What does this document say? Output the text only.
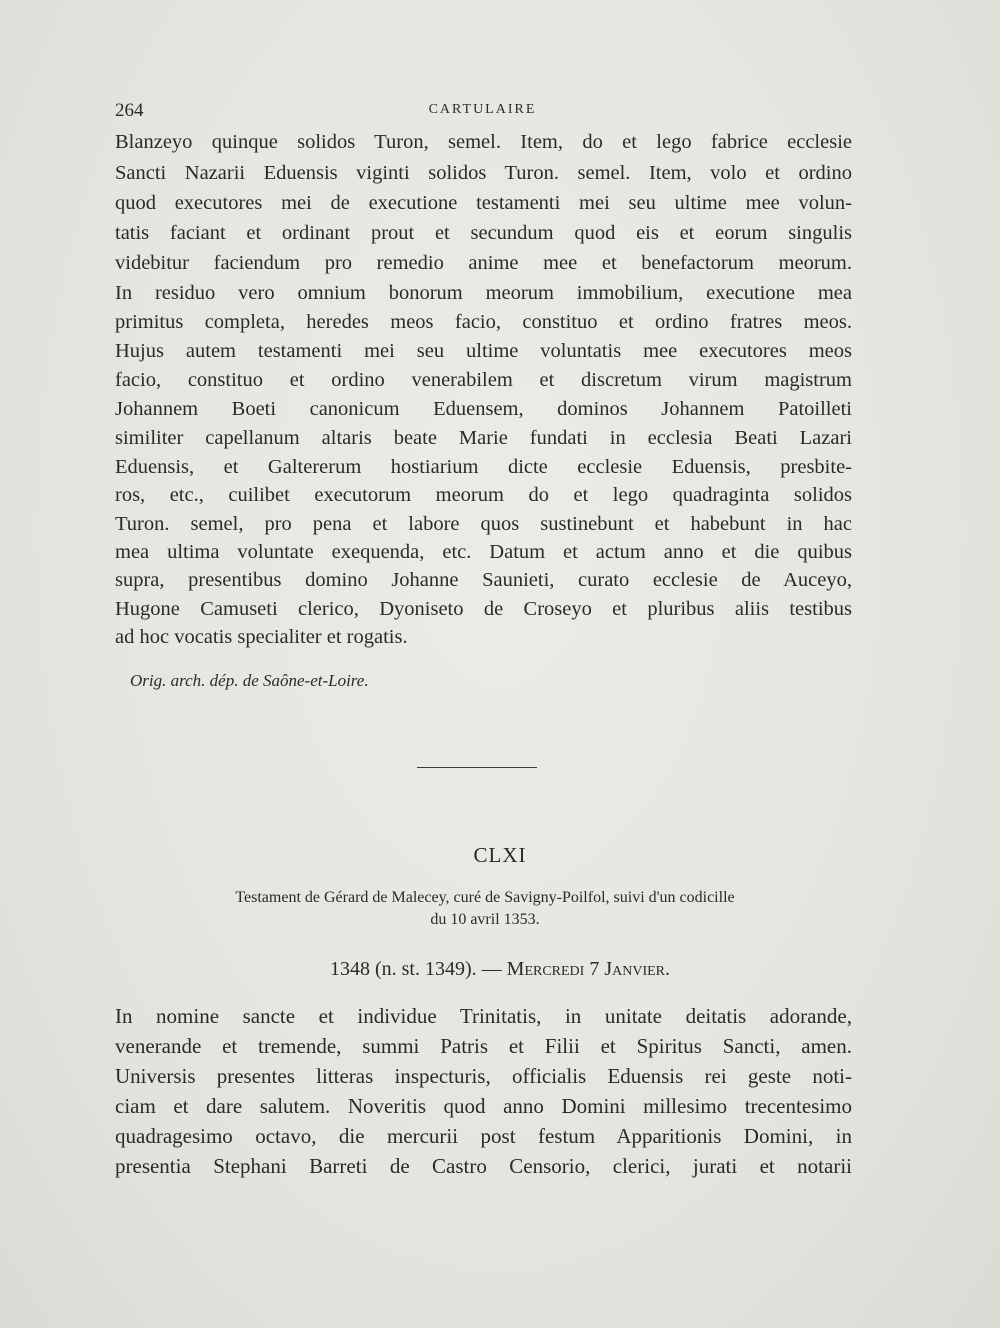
264	CARTULAIRE
Blanzeyo quinque solidos Turon, semel. Item, do et lego fabrice ecclesie
Sancti Nazarii Eduensis viginti solidos Turon. semel. Item, volo et ordino
quod executores mei de executione testamenti mei seu ultime mee volun-
tatis faciant et ordinant prout et secundum quod eis et eorum singulis
videbitur faciendum pro remedio anime mee et benefactorum meorum.
In residuo vero omnium bonorum meorum immobilium, executione mea
primitus completa, heredes meos facio, constituo et ordino fratres meos.
Hujus autem testamenti mei seu ultime voluntatis mee executores meos
facio, constituo et ordino venerabilem et discretum virum magistrum
Johannem Boeti canonicum Eduensem, dominos Johannem Patoilleti
similiter capellanum altaris beate Marie fundati in ecclesia Beati Lazari
Eduensis, et Galtererum hostiarium dicte ecclesie Eduensis, presbite-
ros, etc., cuilibet executorum meorum do et lego quadraginta solidos
Turon. semel, pro pena et labore quos sustinebunt et habebunt in hac
mea ultima voluntate exequenda, etc. Datum et actum anno et die quibus
supra, presentibus domino Johanne Saunieti, curato ecclesie de Auceyo,
Hugone Camuseti clerico, Dyoniseto de Croseyo et pluribus aliis testibus
ad hoc vocatis specialiter et rogatis.
Orig. arch. dép. de Saône-et-Loire.
CLXI
Testament de Gérard de Malecey, curé de Savigny-Poilfol, suivi d'un codicille
du 10 avril 1353.
1348 (n. st. 1349). — Mercredi 7 Janvier.
In nomine sancte et individue Trinitatis, in unitate deitatis adorande,
venerande et tremende, summi Patris et Filii et Spiritus Sancti, amen.
Universis presentes litteras inspecturis, officialis Eduensis rei geste noti-
ciam et dare salutem. Noveritis quod anno Domini millesimo trecentesimo
quadragesimo octavo, die mercurii post festum Apparitionis Domini, in
presentia Stephani Barreti de Castro Censorio, clerici, jurati et notarii
